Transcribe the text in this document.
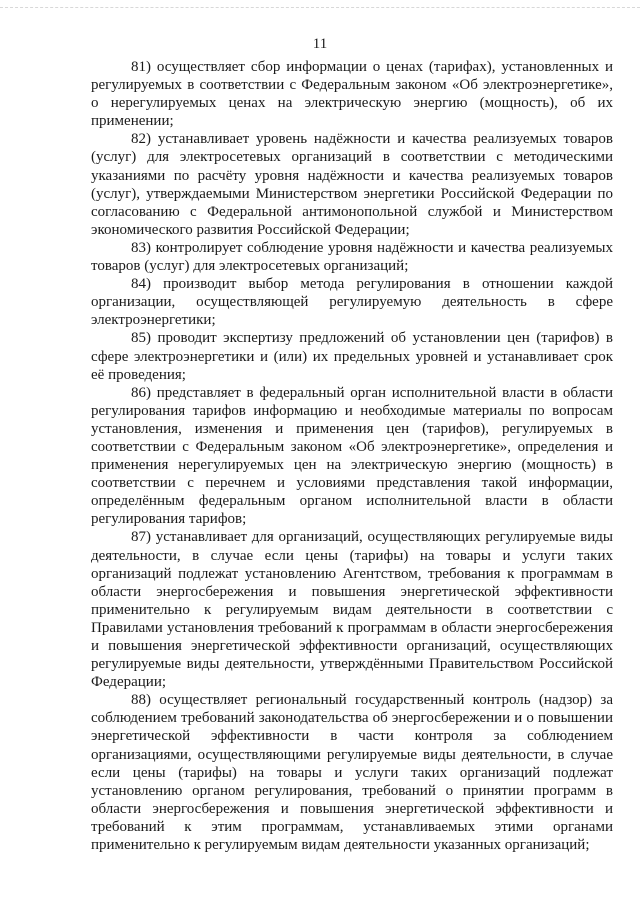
11

81) осуществляет сбор информации о ценах (тарифах), установленных и регулируемых в соответствии с Федеральным законом «Об электроэнергетике», о нерегулируемых ценах на электрическую энергию (мощность), об их применении;

82) устанавливает уровень надёжности и качества реализуемых товаров (услуг) для электросетевых организаций в соответствии с методическими указаниями по расчёту уровня надёжности и качества реализуемых товаров (услуг), утверждаемыми Министерством энергетики Российской Федерации по согласованию с Федеральной антимонопольной службой и Министерством экономического развития Российской Федерации;

83) контролирует соблюдение уровня надёжности и качества реализуемых товаров (услуг) для электросетевых организаций;

84) производит выбор метода регулирования в отношении каждой организации, осуществляющей регулируемую деятельность в сфере электроэнергетики;

85) проводит экспертизу предложений об установлении цен (тарифов) в сфере электроэнергетики и (или) их предельных уровней и устанавливает срок её проведения;

86) представляет в федеральный орган исполнительной власти в области регулирования тарифов информацию и необходимые материалы по вопросам установления, изменения и применения цен (тарифов), регулируемых в соответствии с Федеральным законом «Об электроэнергетике», определения и применения нерегулируемых цен на электрическую энергию (мощность) в соответствии с перечнем и условиями представления такой информации, определённым федеральным органом исполнительной власти в области регулирования тарифов;

87) устанавливает для организаций, осуществляющих регулируемые виды деятельности, в случае если цены (тарифы) на товары и услуги таких организаций подлежат установлению Агентством, требования к программам в области энергосбережения и повышения энергетической эффективности применительно к регулируемым видам деятельности в соответствии с Правилами установления требований к программам в области энергосбережения и повышения энергетической эффективности организаций, осуществляющих регулируемые виды деятельности, утверждёнными Правительством Российской Федерации;

88) осуществляет региональный государственный контроль (надзор) за соблюдением требований законодательства об энергосбережении и о повышении энергетической эффективности в части контроля за соблюдением организациями, осуществляющими регулируемые виды деятельности, в случае если цены (тарифы) на товары и услуги таких организаций подлежат установлению органом регулирования, требований о принятии программ в области энергосбережения и повышения энергетической эффективности и требований к этим программам, устанавливаемых этими органами применительно к регулируемым видам деятельности указанных организаций;
